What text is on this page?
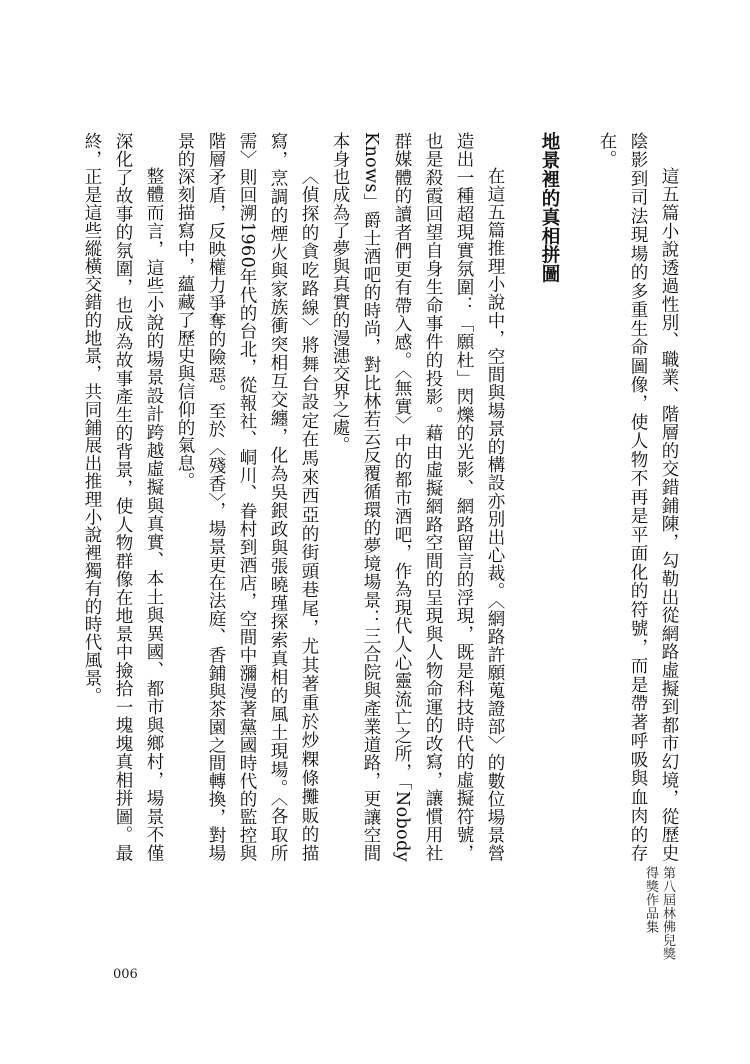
這五篇小說透過性別、職業、階層的交錯鋪陳，勾勒出從網路虛擬到都市幻境，從歷史陰影到司法現場的多重生命圖像，使人物不再是平面化的符號，而是帶著呼吸與血肉的存在。

地景裡的真相拼圖

在這五篇推理小說中，空間與場景的構設亦別出心裁。〈網路許願蒐證部〉的數位場景營造出一種超現實氛圍：「願杜」閃爍的光影、網路留言的浮現，既是科技時代的虛擬符號，也是殺霞回望自身生命事件的投影。藉由虛擬網路空間的呈現與人物命運的改寫，讓慣用社群媒體的讀者們更有帶入感。〈無實〉中的都市酒吧，作為現代人心靈流亡之所，「Nobody Knows」爵士酒吧的時尚，對比林若云反覆循環的夢境場景：三合院與產業道路，更讓空間本身也成為了夢與真實的漫漶交界之處。

〈偵探的貪吃路線〉將舞台設定在馬來西亞的街頭巷尾，尤其著重於炒粿條攤販的描寫，烹調的煙火與家族衝突相互交纏，化為吳銀政與張曉瑾探索真相的風土現場。〈各取所需〉則回溯1960年代的台北，從報社、峒川、眷村到酒店，空間中瀰漫著黨國時代的監控與階層矛盾，反映權力爭奪的險惡。至於〈殘香〉，場景更在法庭、香鋪與茶園之間轉換，對場景的深刻描寫中，蘊藏了歷史與信仰的氣息。

整體而言，這些小說的場景設計跨越虛擬與真實、本土與異國、都市與鄉村，場景不僅深化了故事的氛圍，也成為故事產生的背景，使人物群像在地景中撿拾一塊塊真相拼圖。最終，正是這些縱橫交錯的地景，共同鋪展出推理小說裡獨有的時代風景。

第八屆林佛兒獎
得獎作品集
006
